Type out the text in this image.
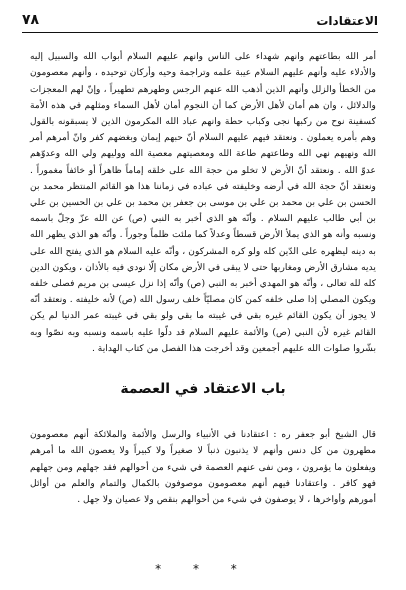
الاعتقادات
٧٨

أمر الله بطاعتهم وانهم شهداء على الناس وانهم عليهم السلام أبواب الله والسبيل إليه والأدلاء عليه وأنهم عليهم السلام عيبة علمه وتراجمة وحيه وأركان توحيده ، وأنهم معصومون من الخطأ والزلل وأنهم الذين أذهب الله عنهم الرجس وطهرهم تطهيراً ، وإنّ لهم المعجزات والدلائل ، وان هم أمان لأهل الأرض كما أن النجوم أمان لأهل السماء ومثلهم في هذه الأمة كسفينة نوح من ركبها نجى وكباب حطة وانهم عباد الله المكرمون الذين لا يسبقونه بالقول وهم بأمره يعملون . ونعتقد فيهم عليهم السلام أنّ حبهم إيمان وبغضهم كفر وانّ أمرهم أمر الله ونهيهم نهي الله وطاعتهم طاعة الله ومعصيتهم معصية الله ووليهم ولي الله وعدوّهم عدوّ الله . ونعتقد أنّ الأرض لا تخلو من حجة الله على خلقه إماماً ظاهراً أو خائفاً مغموراً . ونعتقد أنّ حجة الله في أرضه وخليفته في عباده في زماننا هذا هو القائم المنتظر محمد بن الحسن بن علي بن محمد بن علي بن موسى بن جعفر بن محمد بن علي بن الحسين بن علي بن أبي طالب عليهم السلام . وأنّه هو الذي أخبر به النبي (ص) عن الله عزّ وجلّ باسمه ونسبه وأنه هو الذي يملأ الأرض قسطاً وعدلاً كما ملئت ظلماً وجوراً . وأنّه هو الذي يظهر الله به دينه ليظهره على الدّين كله ولو كره المشركون ، وأنّه عليه السلام هو الذي يفتح الله على يديه مشارق الأرض ومغاربها حتى لا يبقى في الأرض مكان إلّا نودي فيه بالأذان ، ويكون الدين كله لله تعالى ، وأنّه هو المهدي أخبر به النبي (ص) وأنّه إذا نزل عيسى بن مريم فصلى خلفه ويكون المصلي إذا صلى خلفه كمن كان مصليّاً خلف رسول الله (ص) لأنه خليفته . ونعتقد أنّه لا يجوز أن يكون القائم غيره بقي في غيبته ما بقي ولو بقي في غيبته عمر الدنيا لم يكن القائم غيره لأن النبي (ص) والأئمة عليهم السلام قد دلّوا عليه باسمه ونسبه وبه نصّوا وبه بشّروا صلوات الله عليهم أجمعين وقد أخرجت هذا الفصل من كتاب الهداية .

باب الاعتقاد في العصمة

قال الشيخ أبو جعفر ره : اعتقادنا في الأنبياء والرسل والأئمة والملائكة أنهم معصومون مطهرون من كل دنس وأنهم لا يذنبون ذنباً لا صغيراً ولا كبيراً ولا يعصون الله ما أمرهم ويفعلون ما يؤمرون ، ومن نفى عنهم العصمة في شيء من أحوالهم فقد جهلهم ومن جهلهم فهو كافر . واعتقادنا فيهم أنهم معصومون موصوفون بالكمال والتمام والعلم من أوائل أمورهم وأواخرها ، لا يوصفون في شيء من أحوالهم بنقص ولا عصيان ولا جهل .

* * *
